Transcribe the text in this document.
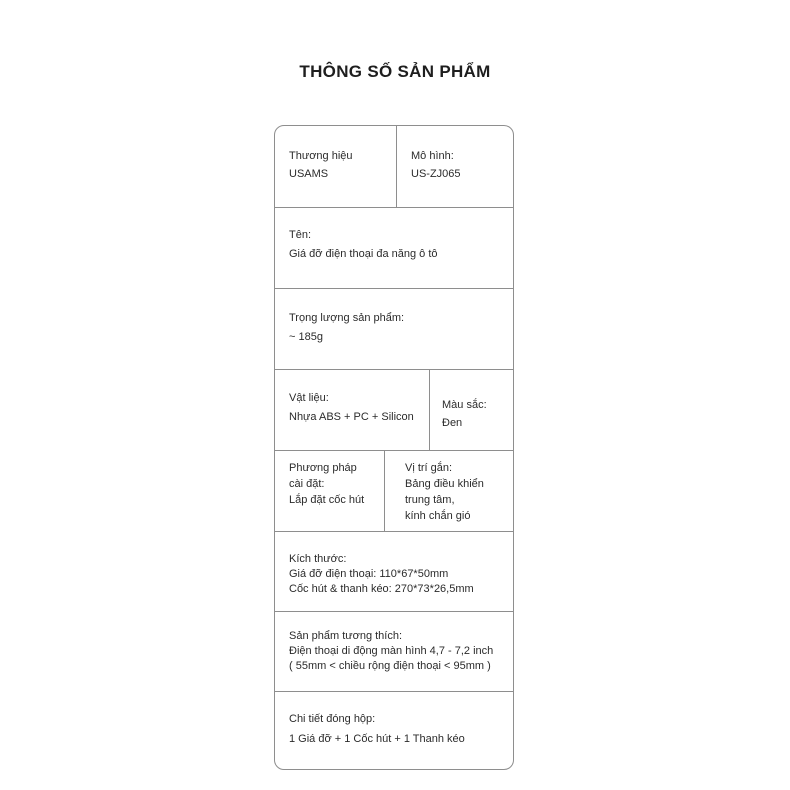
THÔNG SỐ SẢN PHẨM
Thương hiệu
USAMS
Mô hình:
US-ZJ065
Tên:
Giá đỡ điện thoại đa năng ô tô
Trọng lượng sản phẩm:
~ 185g
Vật liệu:
Nhựa ABS + PC + Silicon
Màu sắc:
Đen
Phương pháp
cài đặt:
Lắp đặt cốc hút
Vị trí gắn:
Bảng điều khiển
trung tâm,
kính chắn gió
Kích thước:
Giá đỡ điện thoại: 110*67*50mm
Cốc hút & thanh kéo: 270*73*26,5mm
Sản phẩm tương thích:
Điện thoại di động màn hình 4,7 - 7,2 inch
( 55mm < chiều rộng điện thoại < 95mm )
Chi tiết đóng hộp:
1 Giá đỡ + 1 Cốc hút + 1 Thanh kéo
